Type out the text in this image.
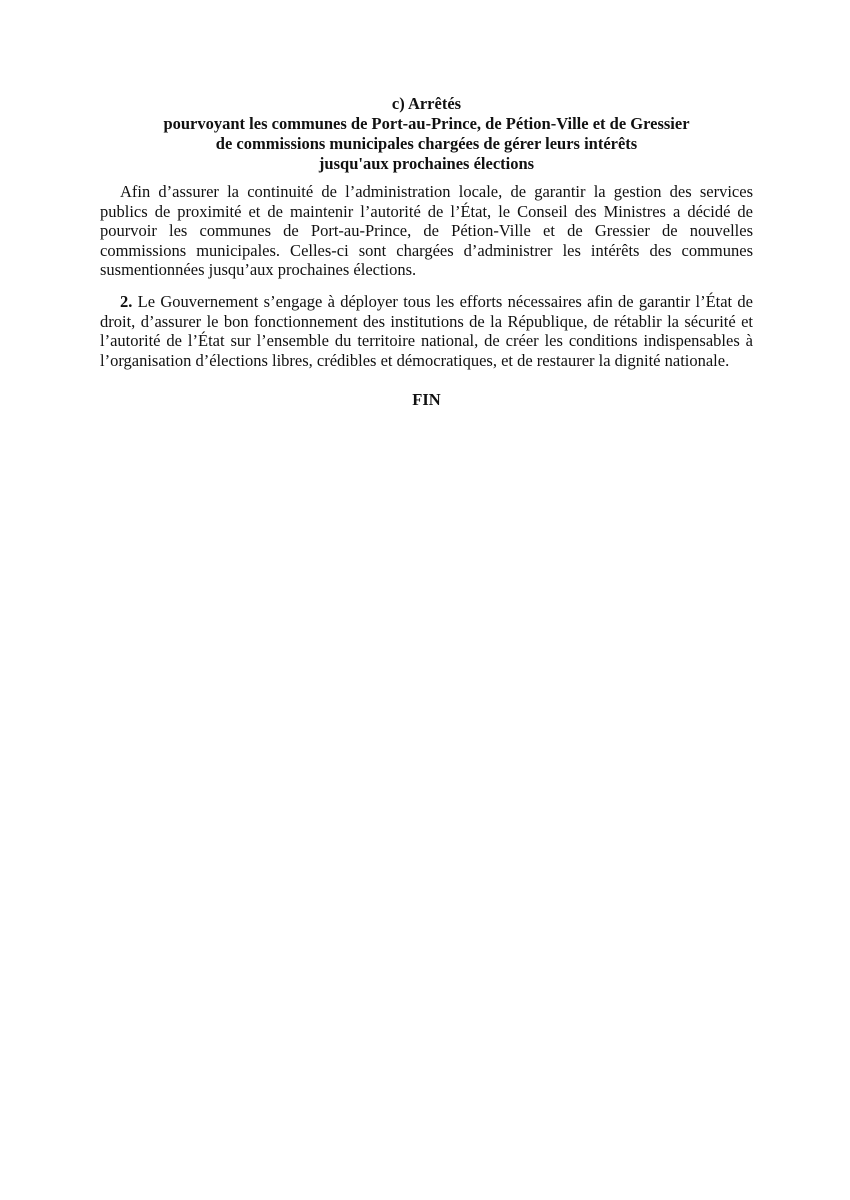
c) Arrêtés
pourvoyant les communes de Port-au-Prince, de Pétion-Ville et de Gressier
de commissions municipales chargées de gérer leurs intérêts
jusqu'aux prochaines élections

Afin d’assurer la continuité de l’administration locale, de garantir la gestion des services publics de proximité et de maintenir l’autorité de l’État, le Conseil des Ministres a décidé de pourvoir les communes de Port-au-Prince, de Pétion-Ville et de Gressier de nouvelles commissions municipales. Celles-ci sont chargées d’administrer les intérêts des communes susmentionnées jusqu’aux prochaines élections.

2. Le Gouvernement s’engage à déployer tous les efforts nécessaires afin de garantir l’État de droit, d’assurer le bon fonctionnement des institutions de la République, de rétablir la sécurité et l’autorité de l’État sur l’ensemble du territoire national, de créer les conditions indispensables à l’organisation d’élections libres, crédibles et démocratiques, et de restaurer la dignité nationale.

FIN
